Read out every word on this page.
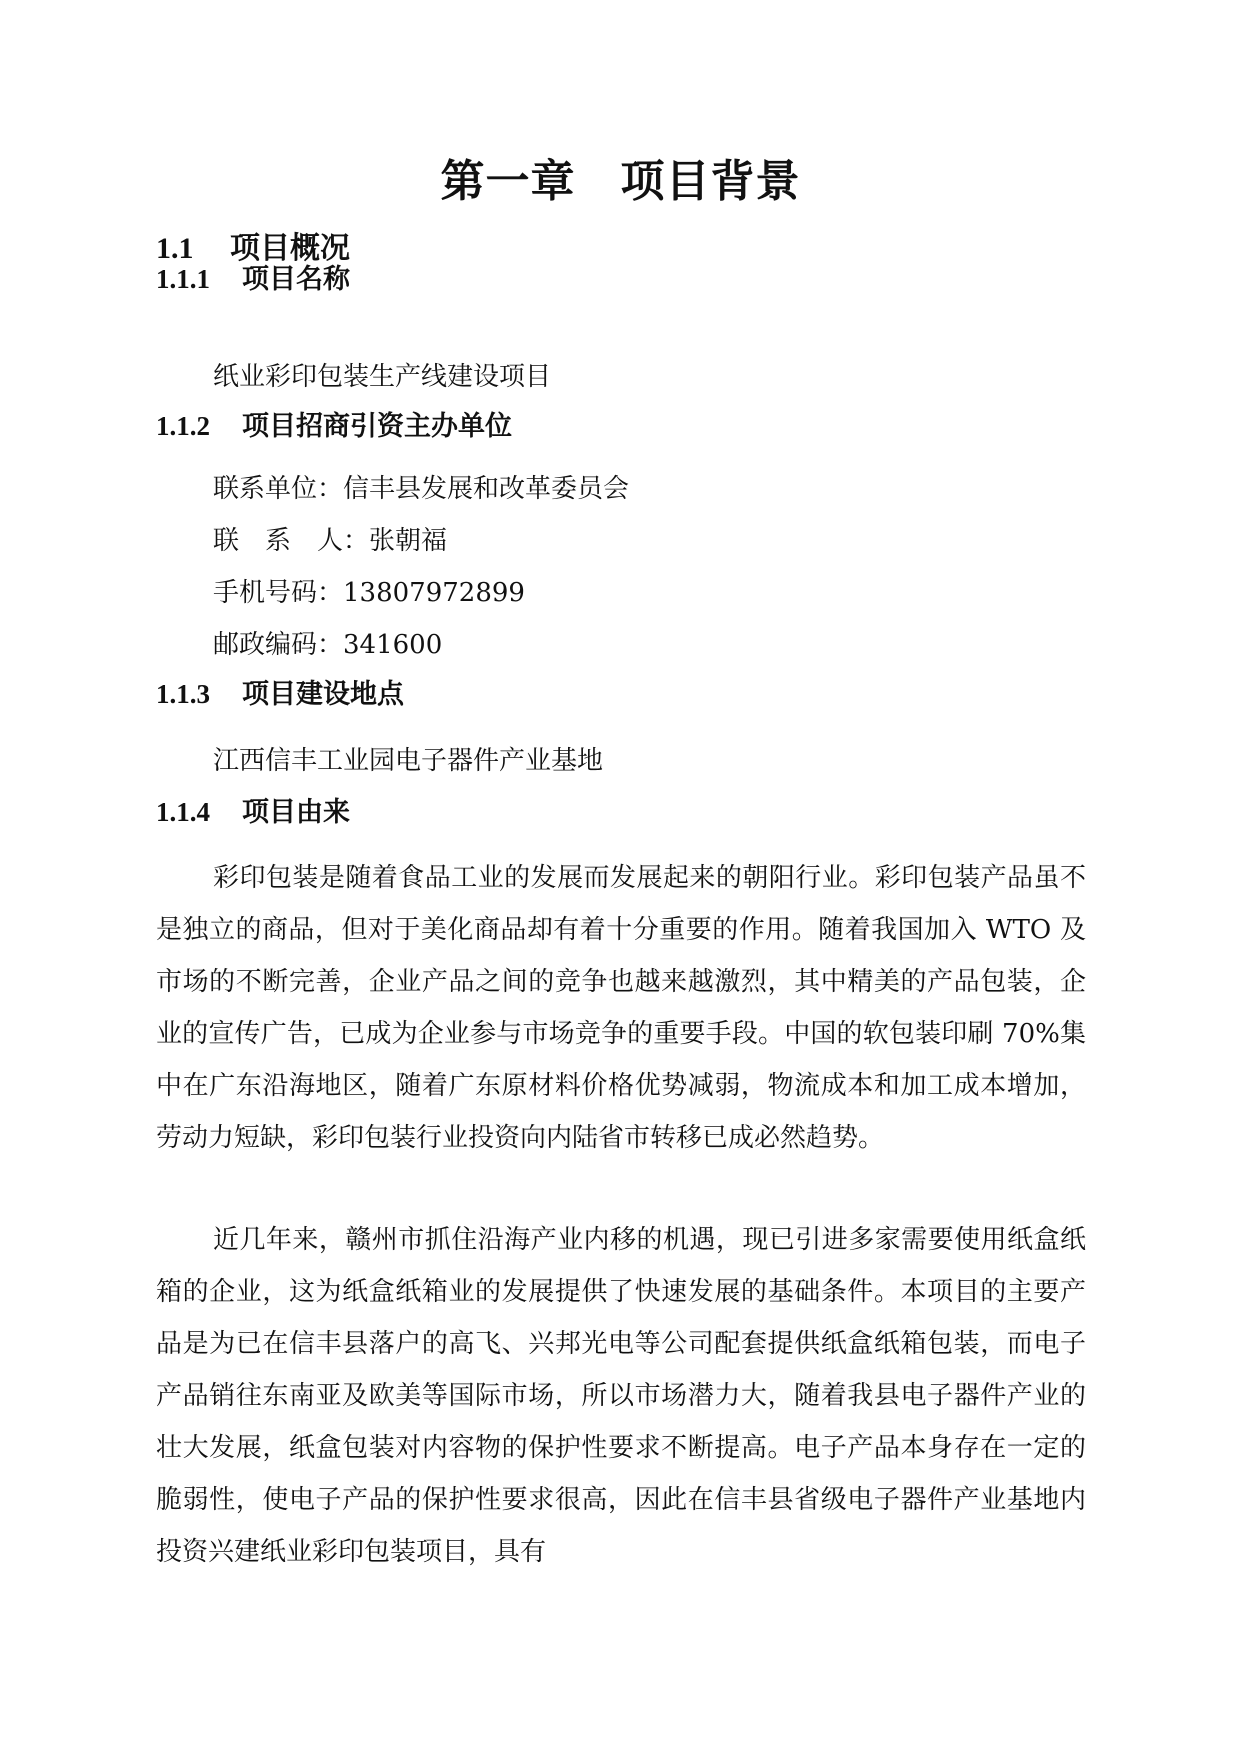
第一章　项目背景
1.1 项目概况
1.1.1 项目名称
纸业彩印包装生产线建设项目
1.1.2 项目招商引资主办单位
联系单位：信丰县发展和改革委员会
联　系　人：张朝福
手机号码：13807972899
邮政编码：341600
1.1.3 项目建设地点
江西信丰工业园电子器件产业基地
1.1.4 项目由来

彩印包装是随着食品工业的发展而发展起来的朝阳行业。彩印包装产品虽不是独立的商品，但对于美化商品却有着十分重要的作用。随着我国加入 WTO 及市场的不断完善，企业产品之间的竞争也越来越激烈，其中精美的产品包装，企业的宣传广告，已成为企业参与市场竞争的重要手段。中国的软包装印刷 70%集中在广东沿海地区，随着广东原材料价格优势减弱，物流成本和加工成本增加，劳动力短缺，彩印包装行业投资向内陆省市转移已成必然趋势。

近几年来，赣州市抓住沿海产业内移的机遇，现已引进多家需要使用纸盒纸箱的企业，这为纸盒纸箱业的发展提供了快速发展的基础条件。本项目的主要产品是为已在信丰县落户的高飞、兴邦光电等公司配套提供纸盒纸箱包装，而电子产品销往东南亚及欧美等国际市场，所以市场潜力大，随着我县电子器件产业的壮大发展，纸盒包装对内容物的保护性要求不断提高。电子产品本身存在一定的脆弱性，使电子产品的保护性要求很高，因此在信丰县省级电子器件产业基地内投资兴建纸业彩印包装项目，具有
